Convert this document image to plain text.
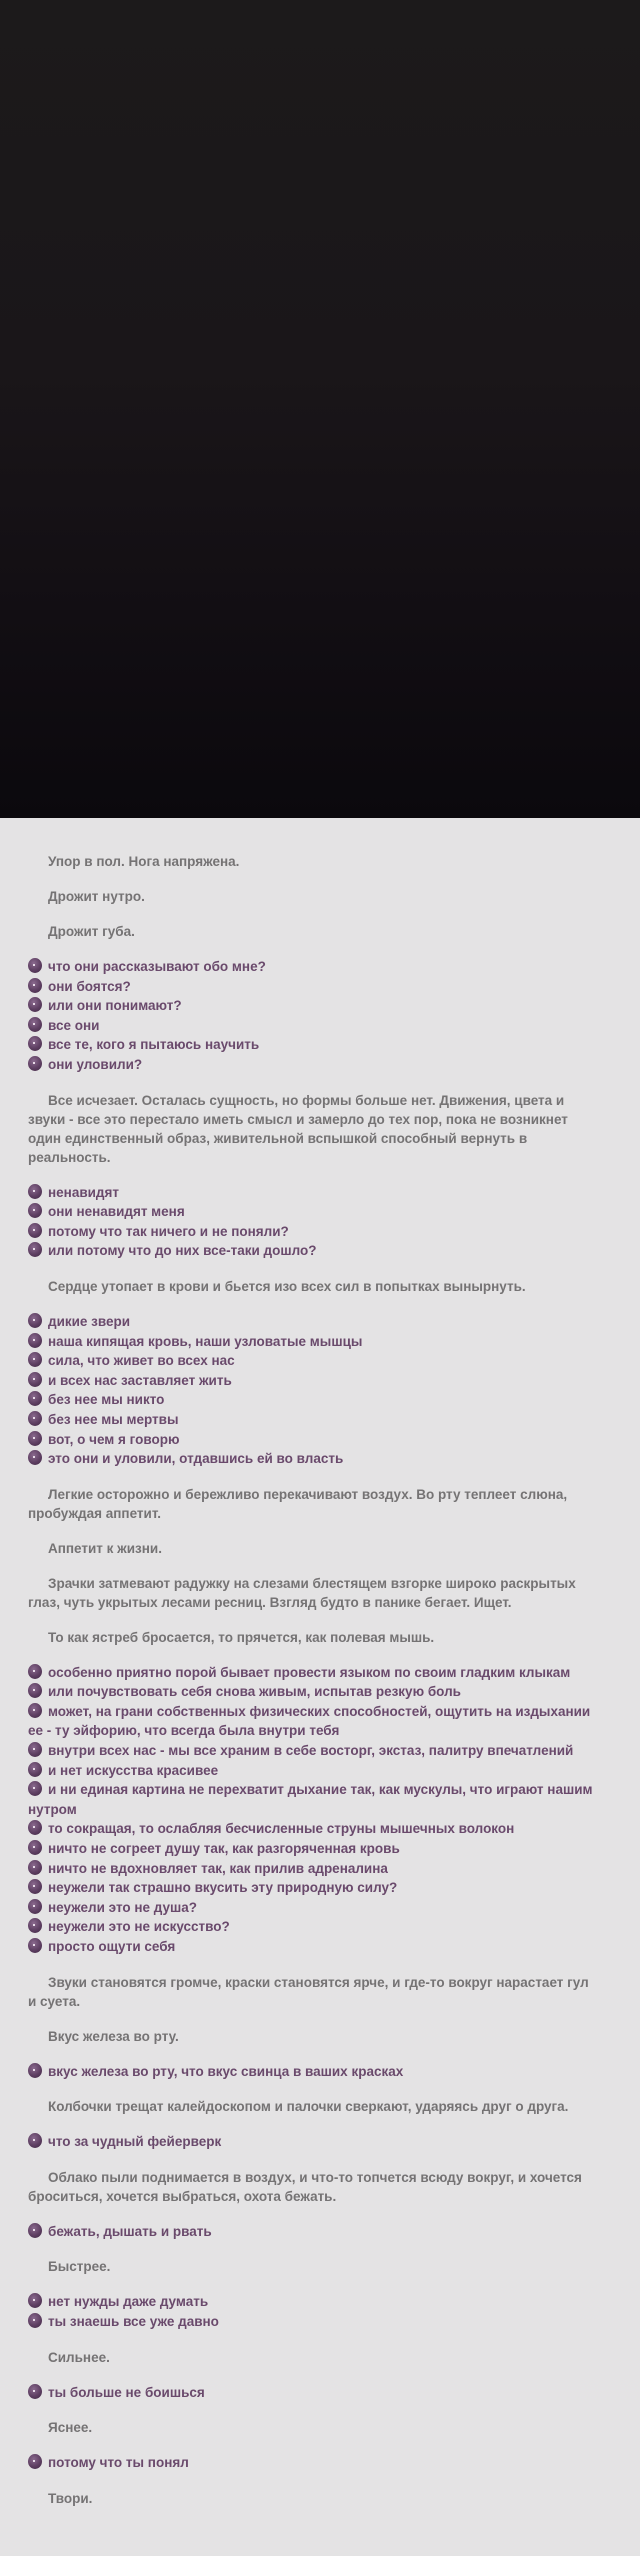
Упор в пол. Нога напряжена.

Дрожит нутро.

Дрожит губа.

что они рассказывают обо мне?
они боятся?
или они понимают?
все они
все те, кого я пытаюсь научить
они уловили?

Все исчезает. Осталась сущность, но формы больше нет. Движения, цвета и звуки - все это перестало иметь смысл и замерло до тех пор, пока не возникнет один единственный образ, живительной вспышкой способный вернуть в реальность.

ненавидят
они ненавидят меня
потому что так ничего и не поняли?
или потому что до них все-таки дошло?

Сердце утопает в крови и бьется изо всех сил в попытках вынырнуть.

дикие звери
наша кипящая кровь, наши узловатые мышцы
сила, что живет во всех нас
и всех нас заставляет жить
без нее мы никто
без нее мы мертвы
вот, о чем я говорю
это они и уловили, отдавшись ей во власть

Легкие осторожно и бережливо перекачивают воздух. Во рту теплеет слюна, пробуждая аппетит.

Аппетит к жизни.

Зрачки затмевают радужку на слезами блестящем взгорке широко раскрытых глаз, чуть укрытых лесами ресниц. Взгляд будто в панике бегает. Ищет.

То как ястреб бросается, то прячется, как полевая мышь.

особенно приятно порой бывает провести языком по своим гладким клыкам
или почувствовать себя снова живым, испытав резкую боль
может, на грани собственных физических способностей, ощутить на издыхании ее - ту эйфорию, что всегда была внутри тебя
внутри всех нас - мы все храним в себе восторг, экстаз, палитру впечатлений
и нет искусства красивее
и ни единая картина не перехватит дыхание так, как мускулы, что играют нашим нутром
то сокращая, то ослабляя бесчисленные струны мышечных волокон
ничто не согреет душу так, как разгоряченная кровь
ничто не вдохновляет так, как прилив адреналина
неужели так страшно вкусить эту природную силу?
неужели это не душа?
неужели это не искусство?
просто ощути себя

Звуки становятся громче, краски становятся ярче, и где-то вокруг нарастает гул и суета.

Вкус железа во рту.

вкус железа во рту, что вкус свинца в ваших красках

Колбочки трещат калейдоскопом и палочки сверкают, ударяясь друг о друга.

что за чудный фейерверк

Облако пыли поднимается в воздух, и что-то топчется всюду вокруг, и хочется броситься, хочется выбраться, охота бежать.

бежать, дышать и рвать

Быстрее.

нет нужды даже думать
ты знаешь все уже давно

Сильнее.

ты больше не боишься

Яснее.

потому что ты понял

Твори.
